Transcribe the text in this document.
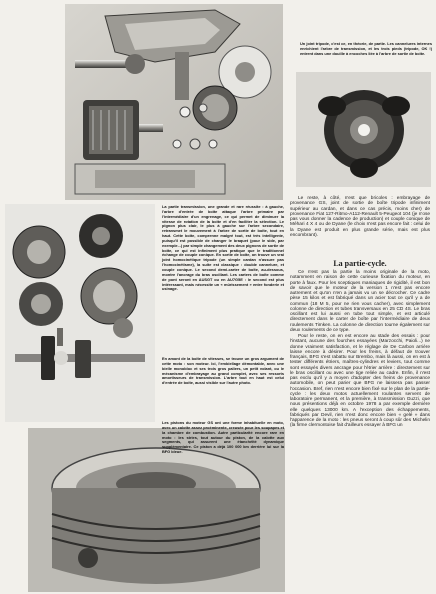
Un joint tripode, c'est ce, en théorie, de partie. Les cannelures internes enrichient l'arbre de transmission, et les trois pieds (tripode, OK !) entrent dans une douille à encoches liée à l'arbre de sortie de boîte.

La partie transmission, une grande et rare réussite : à gauche, l'arbre d'entrée de boîte attaque l'arbre primaire par l'intermédiaire d'un engrenage, ce qui permet de diminuer la vitesse de rotation de la boîte et d'en faciliter la sélection. Le pignon plus clair, le plus à gauche sur l'arbre secondaire, retransmet le mouvement à l'arbre de sortie de boîte, tout en haut. Cette boîte, comprenne malgré tout, est très intelligente, puisqu'il est possible de changer le braquet (pour le side, par exemple...) par simple changement des deux pignons de sortie de boîte, ce qui est infiniment plus pratique que le traditionnel échange de couple conique. En sortie de boîte, on trouve un vrai joint homocinétique tripode (un simple cardan n'assure pas l'homocinétisme), la suite est classique : double cannelure, et couple conique. Le second demi-carter de boîte, au-dessous, montre l'ancrage du bras oscillant. Les carters de boîte comme de pont seront en AUSGT ou en AU7G5E : le second est plus intéressant, mais nécessite un « mûrissement » entre fonderie et usinage.

En amont de la boîte de vitesses, se trouve un gros argument de cette moto : son moteur. Ici, l'embiellage démontable, avec une bielle monobloc et ses trois gros paliers, un petit volant, ou le mécanisme d'embrayage au grand complet, avec ses ressorts amortisseurs de transmission. L'arbre tout en haut est celui d'entrée de boîte, aussi visible sur l'autre photo.

Les pistons du moteur GS ont une forme inhabituelle en moto, avec un calotte assez proéminente, creusée pour les soupapes et la chambre de combustion. Autre particularité encore rare en moto : les stries, tout autour du piston, de la calotte aux segments, qui assurent une étanchéité dynamique supplémentaire. Ce piston a déjà 100 000 km derrière lui sur la BFG bleue.

Le reste, à côté, n'est que bricoles : embrayage de provenance GS, joint de sortie de boîte tripode infiniment supérieur au cardan, et dans ce cas précis, moins cher) de provenance Fiat 127-Ritmo-A112-Renault 5-Peugeot 104 (je n'ose pas vous donner la cadence de production) et couple conique de Méhari 4 X 4 ou de Dyane (le choix n'est pas encore fait : celui de la Dyane est produit en plus grande série, mais est plus encombrant).

La partie-cycle.

Ce n'est pas la partie la moins originale de la moto, notamment en raison de cette curieuse fixation du moteur, en porte à faux. Pour les sceptiques maniaques de rigidité, il est bon de savoir que le moteur de la version 1 n'est pas encore autrement et qu'on n'en a jamais vu un se décrocher. Ce cadre pèse 15 kilos et est fabriqué dans un acier tout ce qu'il y a de commun (18 M 5, pour ne rien vous cacher), avec simplement colonne de direction et tubes transversaux en 25 CD 4S. Le bras oscillant est lui aussi en tube tout simple, et est articulé directement dans le carter de boîte par l'intermédiaire de deux roulements Timken. La colonne de direction tourne également sur deux roulements de ce type.

Pour le reste, on en est encore au stade des essais : pour l'instant, aucune des fourches essayées (Marzocchi, Paioli...) ne donne vraiment satisfaction, et le réglage de De Carbon arrière laisse encore à désirer. Pour les freins, à défaut de trouver français, BFG s'est rabattu sur Brembo, mais là aussi, on en est à tester différents étriers, maîtres-cylindres et leviers, tout comme sont essayés divers ancrage pour l'étrier arrière : directement sur le bras oscillant ou avec une tige reliée au cadre. Enfin, il n'est pas exclu qu'il y a moyen d'adopter des freins de provenance automobile, on peut parier que BFG ne laissera pas passer l'occasion. Bref, rien n'est encore bien fixé sur le plan de la partie-cycle : les deux motos actuellement roulantes servent de laboratoire permanent, et la première, à transmission Guzzi, que nous présentions déjà en octobre 1978 a par exemple dernière elle quelques 13000 km. A l'exception des échappements, fabriqués par Devil, rien n'est donc encore bien « gelé » dans l'apparence de la moto : les pneus seront à coup sûr des Michelin (la firme clermontoise fait d'ailleurs essayer à BFG un
